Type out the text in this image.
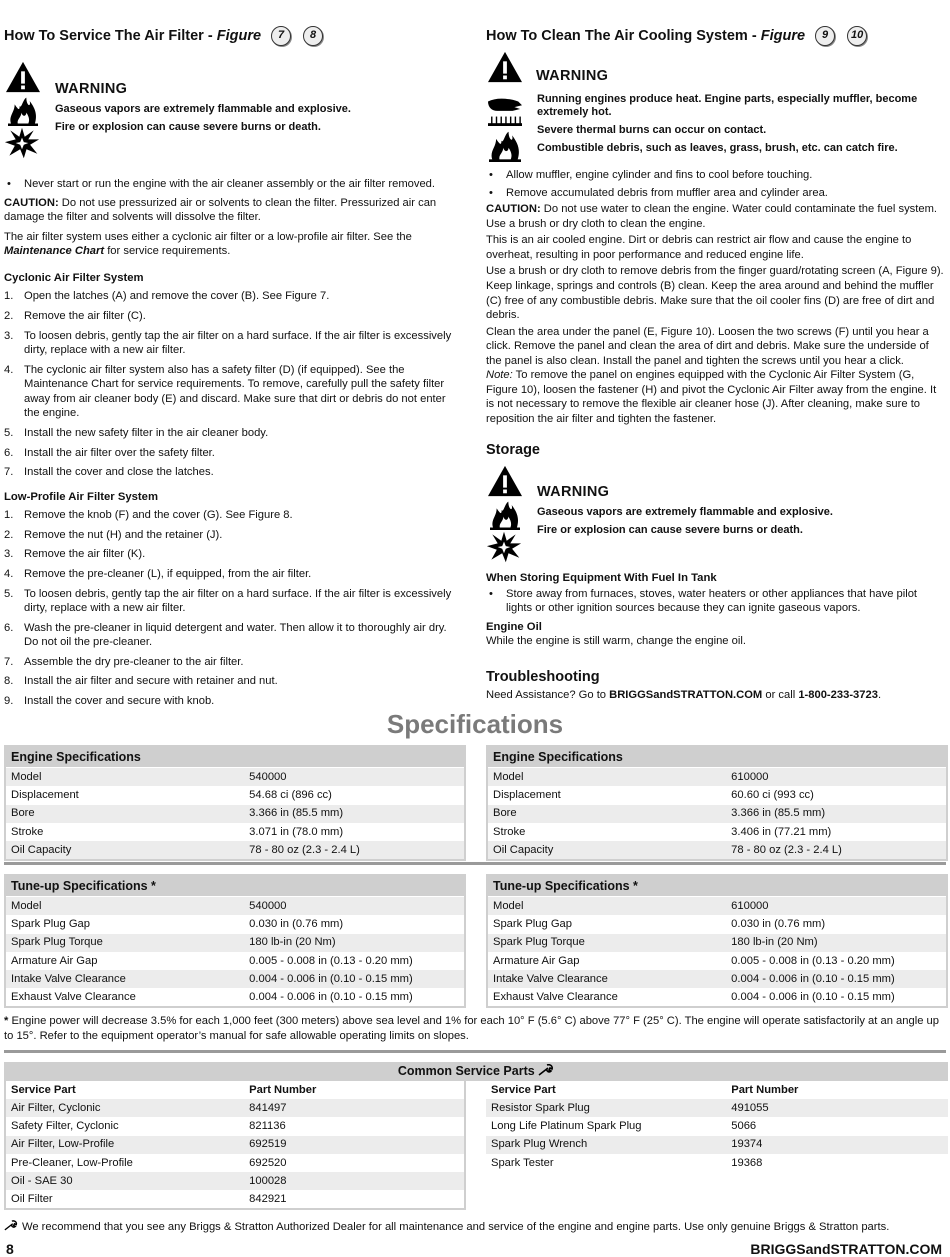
How To Service The Air Filter - Figure 7 8
WARNING

Gaseous vapors are extremely flammable and explosive.

Fire or explosion can cause severe burns or death.

• Never start or run the engine with the air cleaner assembly or the air filter removed.

CAUTION: Do not use pressurized air or solvents to clean the filter. Pressurized air can damage the filter and solvents will dissolve the filter.

The air filter system uses either a cyclonic air filter or a low-profile air filter. See the Maintenance Chart for service requirements.

Cyclonic Air Filter System
1. Open the latches (A) and remove the cover (B). See Figure 7.
2. Remove the air filter (C).
3. To loosen debris, gently tap the air filter on a hard surface. If the air filter is excessively dirty, replace with a new air filter.
4. The cyclonic air filter system also has a safety filter (D) (if equipped). See the Maintenance Chart for service requirements. To remove, carefully pull the safety filter away from air cleaner body (E) and discard. Make sure that dirt or debris do not enter the engine.
5. Install the new safety filter in the air cleaner body.
6. Install the air filter over the safety filter.
7. Install the cover and close the latches.
Low-Profile Air Filter System
1. Remove the knob (F) and the cover (G). See Figure 8.
2. Remove the nut (H) and the retainer (J).
3. Remove the air filter (K).
4. Remove the pre-cleaner (L), if equipped, from the air filter.
5. To loosen debris, gently tap the air filter on a hard surface. If the air filter is excessively dirty, replace with a new air filter.
6. Wash the pre-cleaner in liquid detergent and water. Then allow it to thoroughly air dry. Do not oil the pre-cleaner.
7. Assemble the dry pre-cleaner to the air filter.
8. Install the air filter and secure with retainer and nut.
9. Install the cover and secure with knob.
How To Clean The Air Cooling System - Figure 9 10
WARNING

Running engines produce heat. Engine parts, especially muffler, become extremely hot.

Severe thermal burns can occur on contact.

Combustible debris, such as leaves, grass, brush, etc. can catch fire.

• Allow muffler, engine cylinder and fins to cool before touching.
• Remove accumulated debris from muffler area and cylinder area.

CAUTION: Do not use water to clean the engine. Water could contaminate the fuel system. Use a brush or dry cloth to clean the engine.

This is an air cooled engine. Dirt or debris can restrict air flow and cause the engine to overheat, resulting in poor performance and reduced engine life.

Use a brush or dry cloth to remove debris from the finger guard/rotating screen (A, Figure 9). Keep linkage, springs and controls (B) clean. Keep the area around and behind the muffler (C) free of any combustible debris. Make sure that the oil cooler fins (D) are free of dirt and debris.

Clean the area under the panel (E, Figure 10). Loosen the two screws (F) until you hear a click. Remove the panel and clean the area of dirt and debris. Make sure the underside of the panel is also clean. Install the panel and tighten the screws until you hear a click.

Note: To remove the panel on engines equipped with the Cyclonic Air Filter System (G, Figure 10), loosen the fastener (H) and pivot the Cyclonic Air Filter away from the engine. It is not necessary to remove the flexible air cleaner hose (J). After cleaning, make sure to reposition the air filter and tighten the fastener.

Storage
WARNING

Gaseous vapors are extremely flammable and explosive.

Fire or explosion can cause severe burns or death.

When Storing Equipment With Fuel In Tank
• Store away from furnaces, stoves, water heaters or other appliances that have pilot lights or other ignition sources because they can ignite gaseous vapors.
Engine Oil

While the engine is still warm, change the engine oil.

Troubleshooting

Need Assistance? Go to BRIGGSandSTRATTON.COM or call 1-800-233-3723.

Specifications
Engine Specifications	
Model	540000
Displacement	54.68 ci (896 cc)
Bore	3.366 in (85.5 mm)
Stroke	3.071 in (78.0 mm)
Oil Capacity	78 - 80 oz (2.3 - 2.4 L)
Engine Specifications	
Model	610000
Displacement	60.60 ci (993 cc)
Bore	3.366 in (85.5 mm)
Stroke	3.406 in (77.21 mm)
Oil Capacity	78 - 80 oz (2.3 - 2.4 L)
Tune-up Specifications *	
Model	540000
Spark Plug Gap	0.030 in (0.76 mm)
Spark Plug Torque	180 lb-in (20 Nm)
Armature Air Gap	0.005 - 0.008 in (0.13 - 0.20 mm)
Intake Valve Clearance	0.004 - 0.006 in (0.10 - 0.15 mm)
Exhaust Valve Clearance	0.004 - 0.006 in (0.10 - 0.15 mm)
Tune-up Specifications *	
Model	610000
Spark Plug Gap	0.030 in (0.76 mm)
Spark Plug Torque	180 lb-in (20 Nm)
Armature Air Gap	0.005 - 0.008 in (0.13 - 0.20 mm)
Intake Valve Clearance	0.004 - 0.006 in (0.10 - 0.15 mm)
Exhaust Valve Clearance	0.004 - 0.006 in (0.10 - 0.15 mm)

* Engine power will decrease 3.5% for each 1,000 feet (300 meters) above sea level and 1% for each 10° F (5.6° C) above 77° F (25° C). The engine will operate satisfactorily at an angle up to 15°. Refer to the equipment operator’s manual for safe allowable operating limits on slopes.

Common Service Parts
Service Part	Part Number
Air Filter, Cyclonic	841497
Safety Filter, Cyclonic	821136
Air Filter, Low-Profile	692519
Pre-Cleaner, Low-Profile	692520
Oil - SAE 30	100028
Oil Filter	842921
Service Part	Part Number
Resistor Spark Plug	491055
Long Life Platinum Spark Plug	5066
Spark Plug Wrench	19374
Spark Tester	19368

We recommend that you see any Briggs & Stratton Authorized Dealer for all maintenance and service of the engine and engine parts. Use only genuine Briggs & Stratton parts.

8	BRIGGSandSTRATTON.COM
